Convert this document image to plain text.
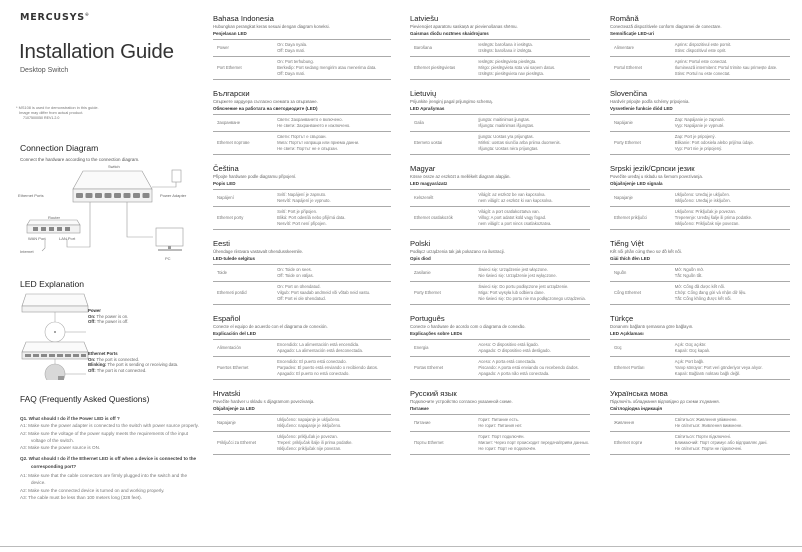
MERCUSYS®
Installation Guide
Desktop Switch
* MS108 is used for demonstration in this guide.
Image may differ from actual product.
7107500050 REV1.2.0
Connection Diagram
Connect the hardware according to the connection diagram.
Switch
Ethernet Ports	Power Adapter
Router
WAN Port	LAN Port
Internet
PC
LED Explanation
Power
On: The power is on.
Off: The power is off.
Ethernet Ports
On: The port is connected.
Blinking: The port is sending or receiving data.
Off: The port is not connected.
FAQ (Frequently Asked Questions)
Q1. What should I do if the Power LED is off ?
A1: Make sure the power adapter is connected to the switch with power source properly.
A2: Make sure the voltage of the power supply meets the requirements of the input voltage of the switch.
A3: Make sure the power source is ON.
Q2. What should I do if the Ethernet LED is off when a device is connected to the corresponding port?
A1: Make sure that the cable connectors are firmly plugged into the switch and the device.
A2: Make sure the connected device is turned on and working properly.
A3: The cable must be less than 100 meters long (328 feet).
Bahasa Indonesia
Hubungkan perangkat keras sesuai dengan diagram koneksi.
Penjelasan LED
Power	On: Daya nyala.
Off: Daya mati.

Port Ethernet	On: Port terhubung.
Berkedip: Port sedang mengirim atau menerima data.
Off: Daya mati.
Български
Свържете хардуера съгласно схемата за свързване.
Обяснение на работата на светодиодите (LED)
Захранване	Свети: Захранването е включено.
Не свети: Захранването е изключено.

Ethernet портове	Свети: Портът е свързан.
Мига: Портът изпраща или приема данни.
Не свети: Портът не е свързан.
Čeština
Připojte hardware podle diagramu připojení.
Popis LED
Napájení	Svítí: Napájení je zapnuto.
Nesvítí: Napájení je vypnuto.

Ethernet porty	Svítí: Port je připojen.
Bliká: Port odesílá nebo přijímá data.
Nesvítí: Port není připojen.
Eesti
Ühendage riistvara vastavalt ühendusskeemile.
LED-tulede selgitus
Toide	On: Toide on sees.
Off: Toide on väljas.

Etherneti pordid	On: Port on ühendatud.
Vilgub: Port saadab andmeid või võtab neid vastu.
Off: Port ei ole ühendatud.
Español
Conecte el equipo de acuerdo con el diagrama de conexión.
Explicación del LED
Alimentación	Encendido: La alimentación está encendida.
Apagado: La alimentación está desconectada.

Puertos Ethernet	Encendido: El puerto está conectado.
Parpadeo: El puerto está enviando o recibiendo datos.
Apagado: El puerto no está conectado.
Hrvatski
Povežite hardver u skladu s dijagramom povezivanja.
Objašnjenje za LED
Napajanje	Uključeno: napajanje je uključeno.
Isključeno: napajanje je isključeno.

Priključci za Ethernet	Uključeno: priključak je povezan.
Treperi: priključak šalje ili prima podatke.
Isključeno: priključak nije povezan.
Latviešu
Pievienojiet aparatūru saskaņā ar pievienošanas shēmu.
Gaismas diožu nozīmes skaidrojums
Barošana	Ieslēgts: barošana ir ieslēgta.
Izslēgts: barošana ir izslēgta.

Ethernet pieslēgvietas	Ieslēgts: pieslēgvieta pieslēgta.
Mirgo: pieslēgvieta sūta vai saņem datus.
Izslēgts: pieslēgvieta nav pieslēgta.
Lietuvių
Prijunkite įrenginį pagal prijungimo schemą.
LED Aprašymas
Galia	Įjungta: maitinimas įjungtas.
Išjungta: maitinimas išjungtas.

Eterneto uostai	Įjungta: Uostas yra prijungtas.
Mirksi: uostas siunčia arba priima duomenis.
Išjungta: Uostas nėra prijungtas.
Magyar
Kösse össze az eszközt a mellékelt diagram alapján.
LED magyarázatz
Kelszenélt	Világít: az eszköz be van kapcsolva.
nem világít: az eszköz ki van kapcsolva.

Ethernet csatlakozók	Világít: a port csatlakoztatva van.
Villog: A port adatot küld vagy fogad.
nem világít: a port nincs csatlakoztatva.
Polski
Podłącz urządzenia tak jak pokazano na ilustracji.
Opis diod
Zasilanie	Świeci się: Urządzenie jest włączone.
Nie świeci się: Urządzenie jest wyłączone.

Porty Ethernet	Świeci się: Do portu podłączone jest urządzenie.
Miga: Port wysyła lub odbiera dane.
Nie świeci się: Do portu nie ma podłączonego urządzenia.
Português
Conecte o hardware de acordo com o diagrama de conexão.
Explicações sobre LEDs
Energia	Aceso: O dispositivo está ligado.
Apagado: O dispositivo está desligado.

Portas Ethernet	Aceso: A porta está conectada.
Piscando: A porta está enviando ou recebendo dados.
Apagado: A porta não está conectada.
Русский язык
Подключите устройство согласно указанной схеме.
Питание
Питание	Горит: Питание есть.
Не горит: Питания нет.

Порты Ethernet	Горит: Порт подключён.
Мигает: Через порт происходит передача/приём данных.
Не горит: Порт не подключён.
Română
Conectează dispozitivele conform diagramei de conectare.
Semnificaţie LED-uri
Alimentare	Aprins: dispozitivul este pornit.
Stins: dispozitivul este oprit.

Portul Ethernet	Aprins: Portul este conectat.
Iluminează intermitent: Portul trimite sau primește date.
Stins: Portul nu este conectat.
Slovenčina
Hardvér pripojte podľa schémy pripojenia.
Vysvetlenie funkcie diód LED
Napájanie	Zap: Napájanie je zapnuté.
Vyp: Napájanie je vypnuté.

Porty Ethernet	Zap: Port je pripojený.
Blikanie: Port odosiela alebo prijíma údaje.
Vyp: Port nie je pripojený.
Srpski jezik/Српски језик
Povežite uređaj u skladu sa šemom povezivanja.
Objašnjenje LED signala
Napajanje	Uključeno: Uređaj je uključen.
Isključeno: Uređaj je isključen.

Ethernet priključci	Uključeno: Priključak je povezan.
Treperenje: Uređaj šalje ili prima podatke.
Isključeno: Priključak nije povezan.
Tiếng Việt
Kết nối phần cứng theo sơ đồ kết nối.
Giải thích đèn LED
Nguồn	Mở: Nguồn mở.
Tắt: Nguồn tắt.

Cổng Ethernet	Mở: Cổng đã được kết nối.
Chớp: Cổng đang gửi và nhận dữ liệu.
Tắt: Cổng không được kết nối.
Türkçe
Donanımı bağlantı şemasına göre bağlayın.
LED Açıklaması
Güç	Açık: Güç açıktır.
Kapalı: Güç kapalı.

Ethernet Portları	Açık: Port bağlı.
Yanıp sönüyor: Port veri gönderiyor veya alıyor.
Kapalı: Bağlantı noktası bağlı değil.
Українська мова
Підключіть обладнання відповідно до схеми з'єднання.
Світлодіодна індикація
Живлення	Світиться: Живлення увімкнене.
Не світиться: Живлення вимкнене.

Ethernet порти	Світиться: Порти підключені.
Блимаючий: Порт отримує або відправляє дані.
Не світиться: Порти не підключені.
